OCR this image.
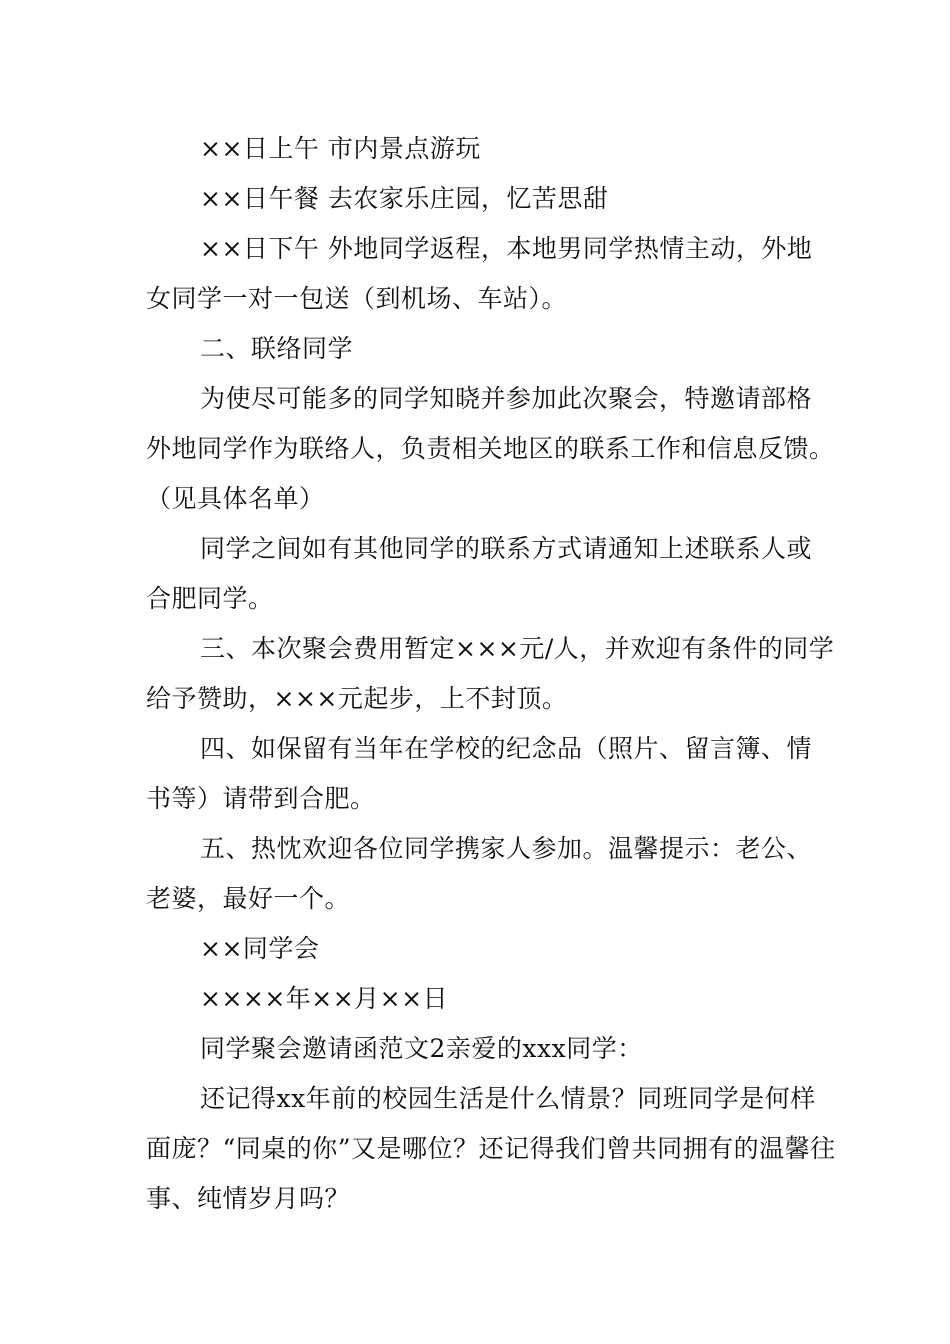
××日上午 市内景点游玩

××日午餐 去农家乐庄园，忆苦思甜

××日下午 外地同学返程，本地男同学热情主动，外地女同学一对一包送（到机场、车站）。

二、联络同学

为使尽可能多的同学知晓并参加此次聚会，特邀请部格外地同学作为联络人，负责相关地区的联系工作和信息反馈。（见具体名单）

同学之间如有其他同学的联系方式请通知上述联系人或合肥同学。

三、本次聚会费用暂定×××元/人，并欢迎有条件的同学给予赞助，×××元起步，上不封顶。

四、如保留有当年在学校的纪念品（照片、留言簿、情书等）请带到合肥。

五、热忱欢迎各位同学携家人参加。温馨提示：老公、老婆，最好一个。

××同学会

××××年××月××日

同学聚会邀请函范文2亲爱的xxx同学：

还记得xx年前的校园生活是什么情景？同班同学是何样面庞？“同桌的你”又是哪位？还记得我们曾共同拥有的温馨往事、纯情岁月吗？
